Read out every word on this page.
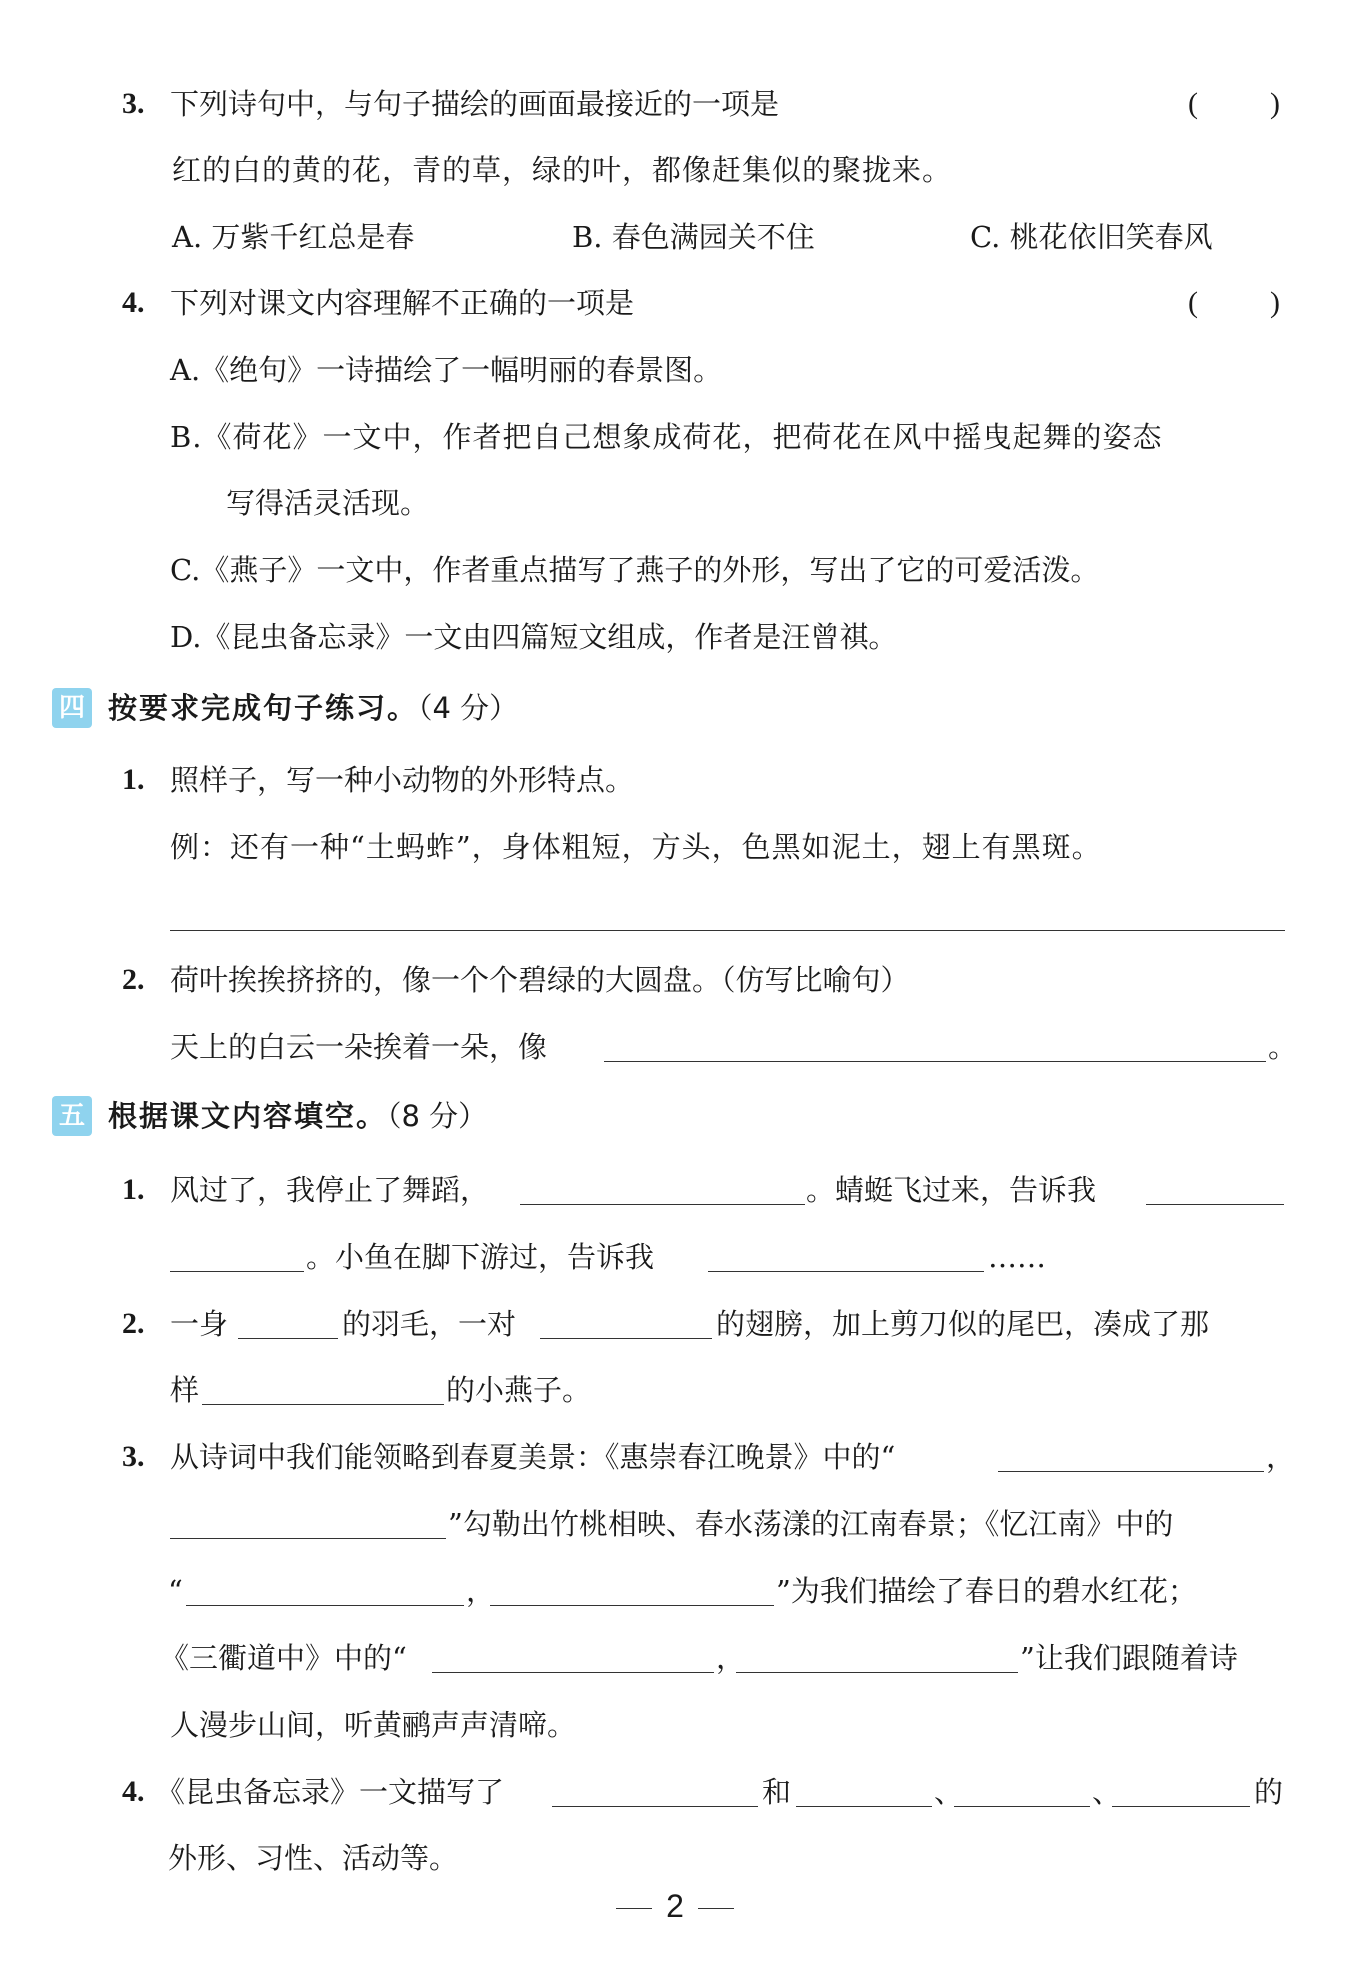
3. 下列诗句中，与句子描绘的画面最接近的一项是	( )
红的白的黄的花，青的草，绿的叶，都像赶集似的聚拢来。
A. 万紫千红总是春	B. 春色满园关不住	C. 桃花依旧笑春风
4. 下列对课文内容理解不正确的一项是	( )
A.《绝句》一诗描绘了一幅明丽的春景图。
B.《荷花》一文中，作者把自己想象成荷花，把荷花在风中摇曳起舞的姿态
写得活灵活现。
C.《燕子》一文中，作者重点描写了燕子的外形，写出了它的可爱活泼。
D.《昆虫备忘录》一文由四篇短文组成，作者是汪曾祺。
四 按要求完成句子练习。（4 分）
1. 照样子，写一种小动物的外形特点。
例：还有一种“土蚂蚱”，身体粗短，方头，色黑如泥土，翅上有黑斑。
2. 荷叶挨挨挤挤的，像一个个碧绿的大圆盘。（仿写比喻句）
天上的白云一朵挨着一朵，像	。
五 根据课文内容填空。（8 分）
1. 风过了，我停止了舞蹈，	。蜻蜓飞过来，告诉我
。小鱼在脚下游过，告诉我	……
2. 一身	的羽毛，一对	的翅膀，加上剪刀似的尾巴，凑成了那
样	的小燕子。
3. 从诗词中我们能领略到春夏美景：《惠崇春江晚景》中的“	，
”勾勒出竹桃相映、春水荡漾的江南春景；《忆江南》中的
“	，	”为我们描绘了春日的碧水红花；
《三衢道中》中的“	，	”让我们跟随着诗
人漫步山间，听黄鹂声声清啼。
4. 《昆虫备忘录》一文描写了	和	、	、	的
外形、习性、活动等。
2
